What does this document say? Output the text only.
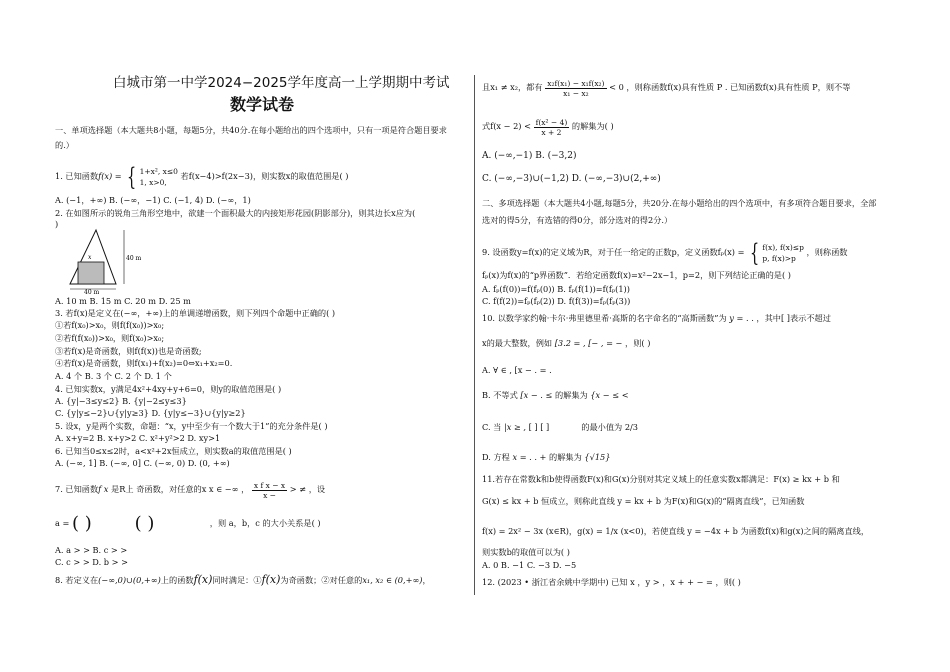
白城市第一中学2024−2025学年度高一上学期期中考试
数学试卷
一、单项选择题（本大题共8小题，每题5分，共40分.在每小题给出的四个选项中，只有一项是符合题目要求
的.）
1. 已知函数f(x) = { 1+x², x≤0
1, x>0, 若f(x−4)>f(2x−3)，则实数x的取值范围是( )
A. (−1，+∞) B. (−∞，−1) C. (−1, 4) D. (−∞，1)
2. 在如图所示的锐角三角形空地中，欲建一个面积最大的内接矩形花园(阴影部分)，则其边长x应为(
)
A. 10 m B. 15 m C. 20 m D. 25 m
3. 若f(x)是定义在(−∞，+∞)上的单调递增函数，则下列四个命题中正确的( )
①若f(x₀)>x₀，则f(f(x₀))>x₀;
②若f(f(x₀))>x₀，则f(x₀)>x₀;
③若f(x)是奇函数，则f(f(x))也是奇函数;
④若f(x)是奇函数，则f(x₁)+f(x₂)=0⇔x₁+x₂=0.
A. 4 个 B. 3 个 C. 2 个 D. 1 个
4. 已知实数x，y满足4x²+4xy+y+6=0，则y的取值范围是( )
A. {y|−3≤y≤2} B. {y|−2≤y≤3}
C. {y|y≤−2}∪{y|y≥3} D. {y|y≤−3}∪{y|y≥2}
5. 设x，y是两个实数，命题：“x，y中至少有一个数大于1”的充分条件是( )
A. x+y=2 B. x+y>2 C. x²+y²>2 D. xy>1
6. 已知当0≤x≤2时，a<x²+2x恒成立，则实数a的取值范围是( )
A. (−∞, 1] B. (−∞, 0] C. (−∞, 0) D. (0, +∞)
7. 已知函数f x 是R上 奇函数，对任意的x x ∈ −∞ ， $\frac{\text{x f x − x}}{x -}$ > ≠ ，设
a = ( ) ( )	，则 a，b，c 的大小关系是( )
A. a > > B. c > >
C. c > > D. b > >
8. 若定义在(−∞,0)∪(0,+∞)上的函数f(x)同时满足：①f(x)为奇函数；②对任意的x₁, x₂ ∈ (0,+∞)，
x	40 m
40 m
且x₁ ≠ x₂，都有 $\frac{\text{x₂f(x₁) − x₁f(x₂)}}{\text{x₁ − x₂}} < 0$ ，则称函数f(x)具有性质 P . 已知函数f(x)具有性质 P，则不等
式$f(x - 2) < \frac{\text{f(x² − 4)}}{x + 2}$ 的解集为( )
A. (−∞,−1) B. (−3,2)
C. (−∞,−3)∪(−1,2) D. (−∞,−3)∪(2,+∞)
二、多项选择题（本大题共4小题,每题5分，共20分.在每小题给出的四个选项中，有多项符合题目要求，全部
选对的得5分，有选错的得0分，部分选对的得2分.）
9. 设函数y=f(x)的定义域为R，对于任一给定的正数p，定义函数fₚ(x) = { f(x), f(x)≤p
p, f(x)>p ，则称函数
fₚ(x)为f(x)的“p界函数”．若给定函数f(x)=x²−2x−1，p=2，则下列结论正确的是( )
A. fₚ(f(0))=f(fₚ(0)) B. fₚ(f(1))=f(fₚ(1))
C. f(f(2))=fₚ(fₚ(2)) D. f(f(3))=fₚ(fₚ(3))
10. 以数学家约翰·卡尔·弗里德里希·高斯的名字命名的“高斯函数”为 y = . . ，其中[ ]表示不超过
x的最大整数，例如 [3.2 = , [− , = − ，则( )
A. ∀ ∈ , [x − . = .
B. 不等式 [x − . ≤ 的解集为 {x − ≤ <
C. 当 |x ≥ , [ ] [ ]	的最小值为 2/3
D. 方程 x = . . + 的解集为 {√15}
11.若存在常数k和b使得函数F(x)和G(x)分别对其定义域上的任意实数x都满足：F(x) ≥ kx + b 和
G(x) ≤ kx + b 恒成立，则称此直线 y = kx + b 为F(x)和G(x)的“隔离直线”，已知函数
f(x) = 2x² − 3x (x∈R)，g(x) = 1/x (x<0)，若使直线 y = −4x + b 为函数f(x)和g(x)之间的隔离直线，
则实数b的取值可以为( )
A. 0 B. −1 C. −3 D. −5
12. (2023 • 浙江省余姚中学期中) 已知 x ，y > ，x + + − = ，则( )
